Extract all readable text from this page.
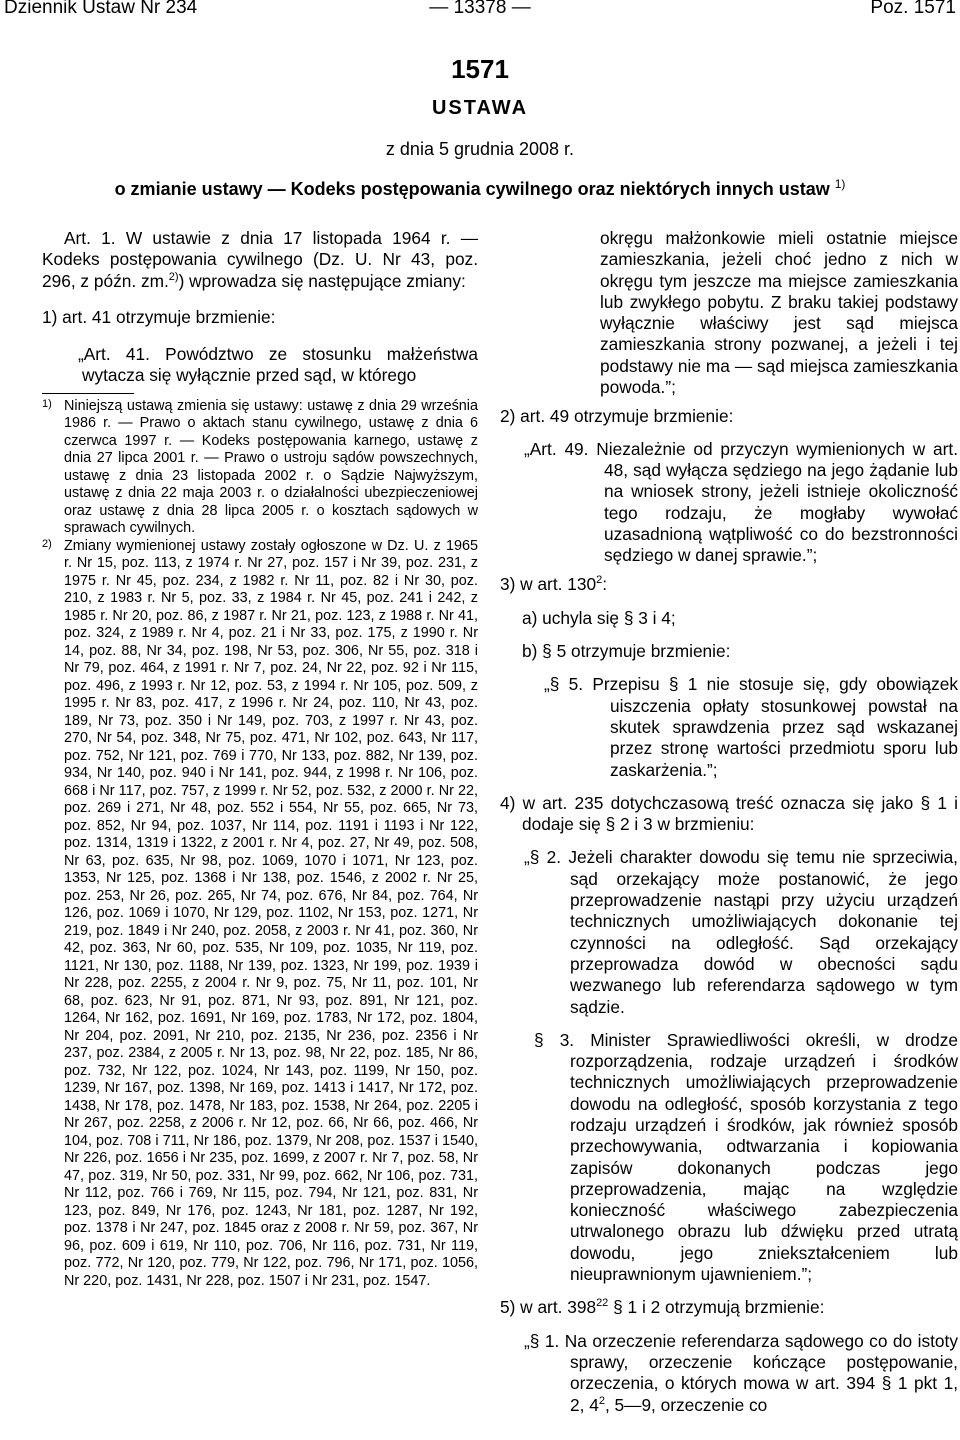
Dziennik Ustaw Nr 234	— 13378 —	Poz. 1571
1571
USTAWA
z dnia 5 grudnia 2008 r.
o zmianie ustawy — Kodeks postępowania cywilnego oraz niektórych innych ustaw $^{1)}$

Art. 1. W ustawie z dnia 17 listopada 1964 r. — Kodeks postępowania cywilnego (Dz. U. Nr 43, poz. 296, z późn. zm.$^{2)}$) wprowadza się następujące zmiany:

1) art. 41 otrzymuje brzmienie:

„Art. 41. Powództwo ze stosunku małżeństwa wytacza się wyłącznie przed sąd, w którego

1) Niniejszą ustawą zmienia się ustawy: ustawę z dnia 29 września 1986 r. — Prawo o aktach stanu cywilnego, ustawę z dnia 6 czerwca 1997 r. — Kodeks postępowania karnego, ustawę z dnia 27 lipca 2001 r. — Prawo o ustroju sądów powszechnych, ustawę z dnia 23 listopada 2002 r. o Sądzie Najwyższym, ustawę z dnia 22 maja 2003 r. o działalności ubezpieczeniowej oraz ustawę z dnia 28 lipca 2005 r. o kosztach sądowych w sprawach cywilnych.

2) Zmiany wymienionej ustawy zostały ogłoszone w Dz. U. z 1965 r. Nr 15, poz. 113, z 1974 r. Nr 27, poz. 157 i Nr 39, poz. 231, z 1975 r. Nr 45, poz. 234, z 1982 r. Nr 11, poz. 82 i Nr 30, poz. 210, z 1983 r. Nr 5, poz. 33, z 1984 r. Nr 45, poz. 241 i 242, z 1985 r. Nr 20, poz. 86, z 1987 r. Nr 21, poz. 123, z 1988 r. Nr 41, poz. 324, z 1989 r. Nr 4, poz. 21 i Nr 33, poz. 175, z 1990 r. Nr 14, poz. 88, Nr 34, poz. 198, Nr 53, poz. 306, Nr 55, poz. 318 i Nr 79, poz. 464, z 1991 r. Nr 7, poz. 24, Nr 22, poz. 92 i Nr 115, poz. 496, z 1993 r. Nr 12, poz. 53, z 1994 r. Nr 105, poz. 509, z 1995 r. Nr 83, poz. 417, z 1996 r. Nr 24, poz. 110, Nr 43, poz. 189, Nr 73, poz. 350 i Nr 149, poz. 703, z 1997 r. Nr 43, poz. 270, Nr 54, poz. 348, Nr 75, poz. 471, Nr 102, poz. 643, Nr 117, poz. 752, Nr 121, poz. 769 i 770, Nr 133, poz. 882, Nr 139, poz. 934, Nr 140, poz. 940 i Nr 141, poz. 944, z 1998 r. Nr 106, poz. 668 i Nr 117, poz. 757, z 1999 r. Nr 52, poz. 532, z 2000 r. Nr 22, poz. 269 i 271, Nr 48, poz. 552 i 554, Nr 55, poz. 665, Nr 73, poz. 852, Nr 94, poz. 1037, Nr 114, poz. 1191 i 1193 i Nr 122, poz. 1314, 1319 i 1322, z 2001 r. Nr 4, poz. 27, Nr 49, poz. 508, Nr 63, poz. 635, Nr 98, poz. 1069, 1070 i 1071, Nr 123, poz. 1353, Nr 125, poz. 1368 i Nr 138, poz. 1546, z 2002 r. Nr 25, poz. 253, Nr 26, poz. 265, Nr 74, poz. 676, Nr 84, poz. 764, Nr 126, poz. 1069 i 1070, Nr 129, poz. 1102, Nr 153, poz. 1271, Nr 219, poz. 1849 i Nr 240, poz. 2058, z 2003 r. Nr 41, poz. 360, Nr 42, poz. 363, Nr 60, poz. 535, Nr 109, poz. 1035, Nr 119, poz. 1121, Nr 130, poz. 1188, Nr 139, poz. 1323, Nr 199, poz. 1939 i Nr 228, poz. 2255, z 2004 r. Nr 9, poz. 75, Nr 11, poz. 101, Nr 68, poz. 623, Nr 91, poz. 871, Nr 93, poz. 891, Nr 121, poz. 1264, Nr 162, poz. 1691, Nr 169, poz. 1783, Nr 172, poz. 1804, Nr 204, poz. 2091, Nr 210, poz. 2135, Nr 236, poz. 2356 i Nr 237, poz. 2384, z 2005 r. Nr 13, poz. 98, Nr 22, poz. 185, Nr 86, poz. 732, Nr 122, poz. 1024, Nr 143, poz. 1199, Nr 150, poz. 1239, Nr 167, poz. 1398, Nr 169, poz. 1413 i 1417, Nr 172, poz. 1438, Nr 178, poz. 1478, Nr 183, poz. 1538, Nr 264, poz. 2205 i Nr 267, poz. 2258, z 2006 r. Nr 12, poz. 66, Nr 66, poz. 466, Nr 104, poz. 708 i 711, Nr 186, poz. 1379, Nr 208, poz. 1537 i 1540, Nr 226, poz. 1656 i Nr 235, poz. 1699, z 2007 r. Nr 7, poz. 58, Nr 47, poz. 319, Nr 50, poz. 331, Nr 99, poz. 662, Nr 106, poz. 731, Nr 112, poz. 766 i 769, Nr 115, poz. 794, Nr 121, poz. 831, Nr 123, poz. 849, Nr 176, poz. 1243, Nr 181, poz. 1287, Nr 192, poz. 1378 i Nr 247, poz. 1845 oraz z 2008 r. Nr 59, poz. 367, Nr 96, poz. 609 i 619, Nr 110, poz. 706, Nr 116, poz. 731, Nr 119, poz. 772, Nr 120, poz. 779, Nr 122, poz. 796, Nr 171, poz. 1056, Nr 220, poz. 1431, Nr 228, poz. 1507 i Nr 231, poz. 1547.

okręgu małżonkowie mieli ostatnie miejsce zamieszkania, jeżeli choć jedno z nich w okręgu tym jeszcze ma miejsce zamieszkania lub zwykłego pobytu. Z braku takiej podstawy wyłącznie właściwy jest sąd miejsca zamieszkania strony pozwanej, a jeżeli i tej podstawy nie ma — sąd miejsca zamieszkania powoda.”;

2) art. 49 otrzymuje brzmienie:

„Art. 49. Niezależnie od przyczyn wymienionych w art. 48, sąd wyłącza sędziego na jego żądanie lub na wniosek strony, jeżeli istnieje okoliczność tego rodzaju, że mogłaby wywołać uzasadnioną wątpliwość co do bezstronności sędziego w danej sprawie.”;

3) w art. $130^2$:

a) uchyla się § 3 i 4;

b) § 5 otrzymuje brzmienie:

„§ 5. Przepisu § 1 nie stosuje się, gdy obowiązek uiszczenia opłaty stosunkowej powstał na skutek sprawdzenia przez sąd wskazanej przez stronę wartości przedmiotu sporu lub zaskarżenia.”;

4) w art. 235 dotychczasową treść oznacza się jako § 1 i dodaje się § 2 i 3 w brzmieniu:

„§ 2. Jeżeli charakter dowodu się temu nie sprzeciwia, sąd orzekający może postanowić, że jego przeprowadzenie nastąpi przy użyciu urządzeń technicznych umożliwiających dokonanie tej czynności na odległość. Sąd orzekający przeprowadza dowód w obecności sądu wezwanego lub referendarza sądowego w tym sądzie.

§ 3. Minister Sprawiedliwości określi, w drodze rozporządzenia, rodzaje urządzeń i środków technicznych umożliwiających przeprowadzenie dowodu na odległość, sposób korzystania z tego rodzaju urządzeń i środków, jak również sposób przechowywania, odtwarzania i kopiowania zapisów dokonanych podczas jego przeprowadzenia, mając na względzie konieczność właściwego zabezpieczenia utrwalonego obrazu lub dźwięku przed utratą dowodu, jego zniekształceniem lub nieuprawnionym ujawnieniem.”;

5) w art. $398^{22}$ § 1 i 2 otrzymują brzmienie:

„§ 1. Na orzeczenie referendarza sądowego co do istoty sprawy, orzeczenie kończące postępowanie, orzeczenia, o których mowa w art. 394 § 1 pkt 1, 2, $4^2$, 5—9, orzeczenie co
